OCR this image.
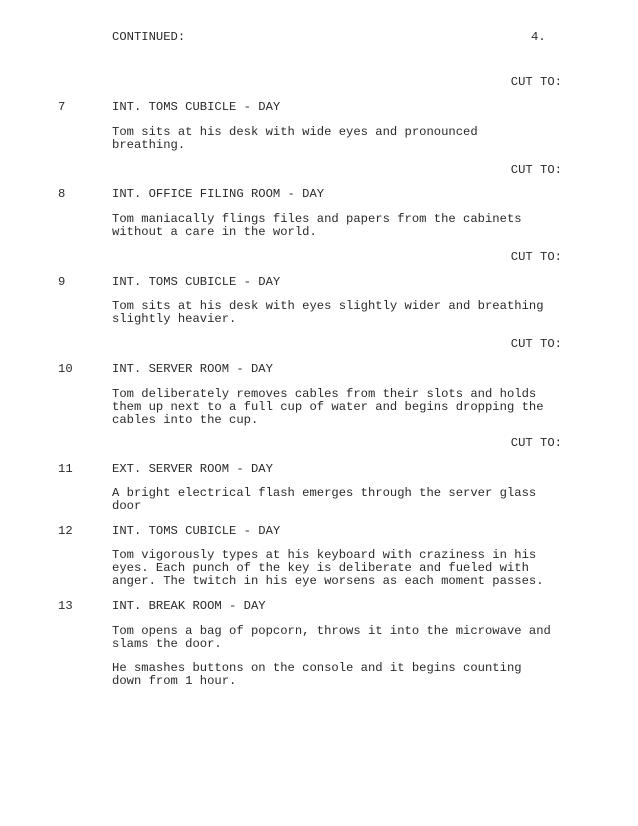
CONTINUED:	4.
CUT TO:
7	INT. TOMS CUBICLE - DAY
Tom sits at his desk with wide eyes and pronounced
breathing.
CUT TO:
8	INT. OFFICE FILING ROOM - DAY
Tom maniacally flings files and papers from the cabinets
without a care in the world.
CUT TO:
9	INT. TOMS CUBICLE - DAY
Tom sits at his desk with eyes slightly wider and breathing
slightly heavier.
CUT TO:
10	INT. SERVER ROOM - DAY
Tom deliberately removes cables from their slots and holds
them up next to a full cup of water and begins dropping the
cables into the cup.
CUT TO:
11	EXT. SERVER ROOM - DAY
A bright electrical flash emerges through the server glass
door
12	INT. TOMS CUBICLE - DAY
Tom vigorously types at his keyboard with craziness in his
eyes. Each punch of the key is deliberate and fueled with
anger. The twitch in his eye worsens as each moment passes.
13	INT. BREAK ROOM - DAY
Tom opens a bag of popcorn, throws it into the microwave and
slams the door.
He smashes buttons on the console and it begins counting
down from 1 hour.
